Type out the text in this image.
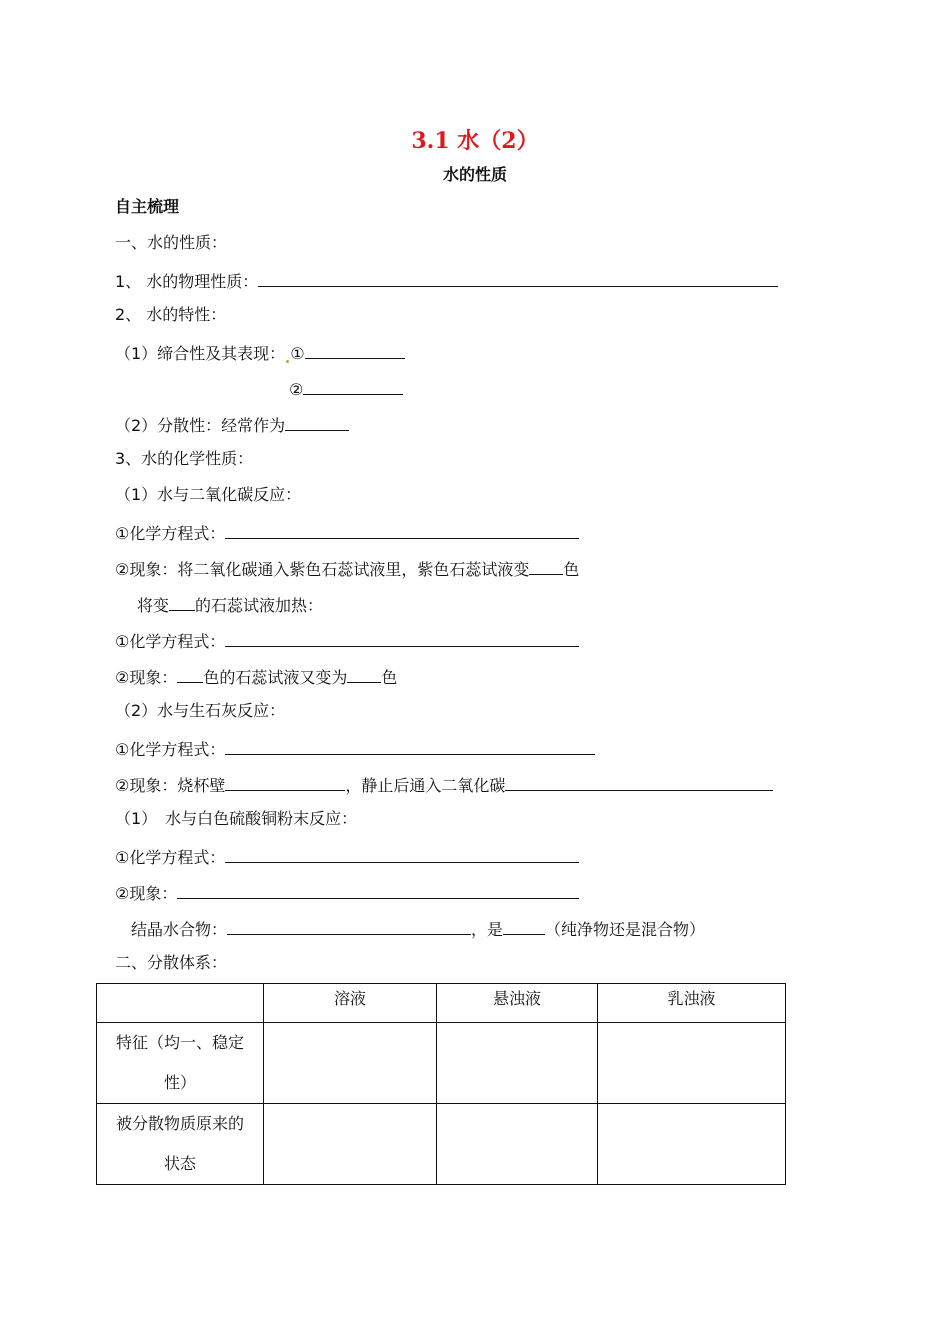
3.1 水（2）
水的性质
自主梳理
一、水的性质：
1、 水的物理性质：
2、 水的特性：
（1）缔合性及其表现： ①
②
（2）分散性：经常作为
3、水的化学性质：
（1）水与二氧化碳反应：
①化学方程式：
②现象：将二氧化碳通入紫色石蕊试液里，紫色石蕊试液变 色
将变 的石蕊试液加热：
①化学方程式：
②现象： 色的石蕊试液又变为 色
（2）水与生石灰反应：
①化学方程式：
②现象：烧杯壁	，静止后通入二氧化碳
（1）　水与白色硫酸铜粉末反应：
①化学方程式：
②现象：
结晶水合物：	，是	（纯净物还是混合物）
二、分散体系：
	溶液	悬浊液	乳浊液

特征（均一、稳定
性）			

被分散物质原来的
状态			
